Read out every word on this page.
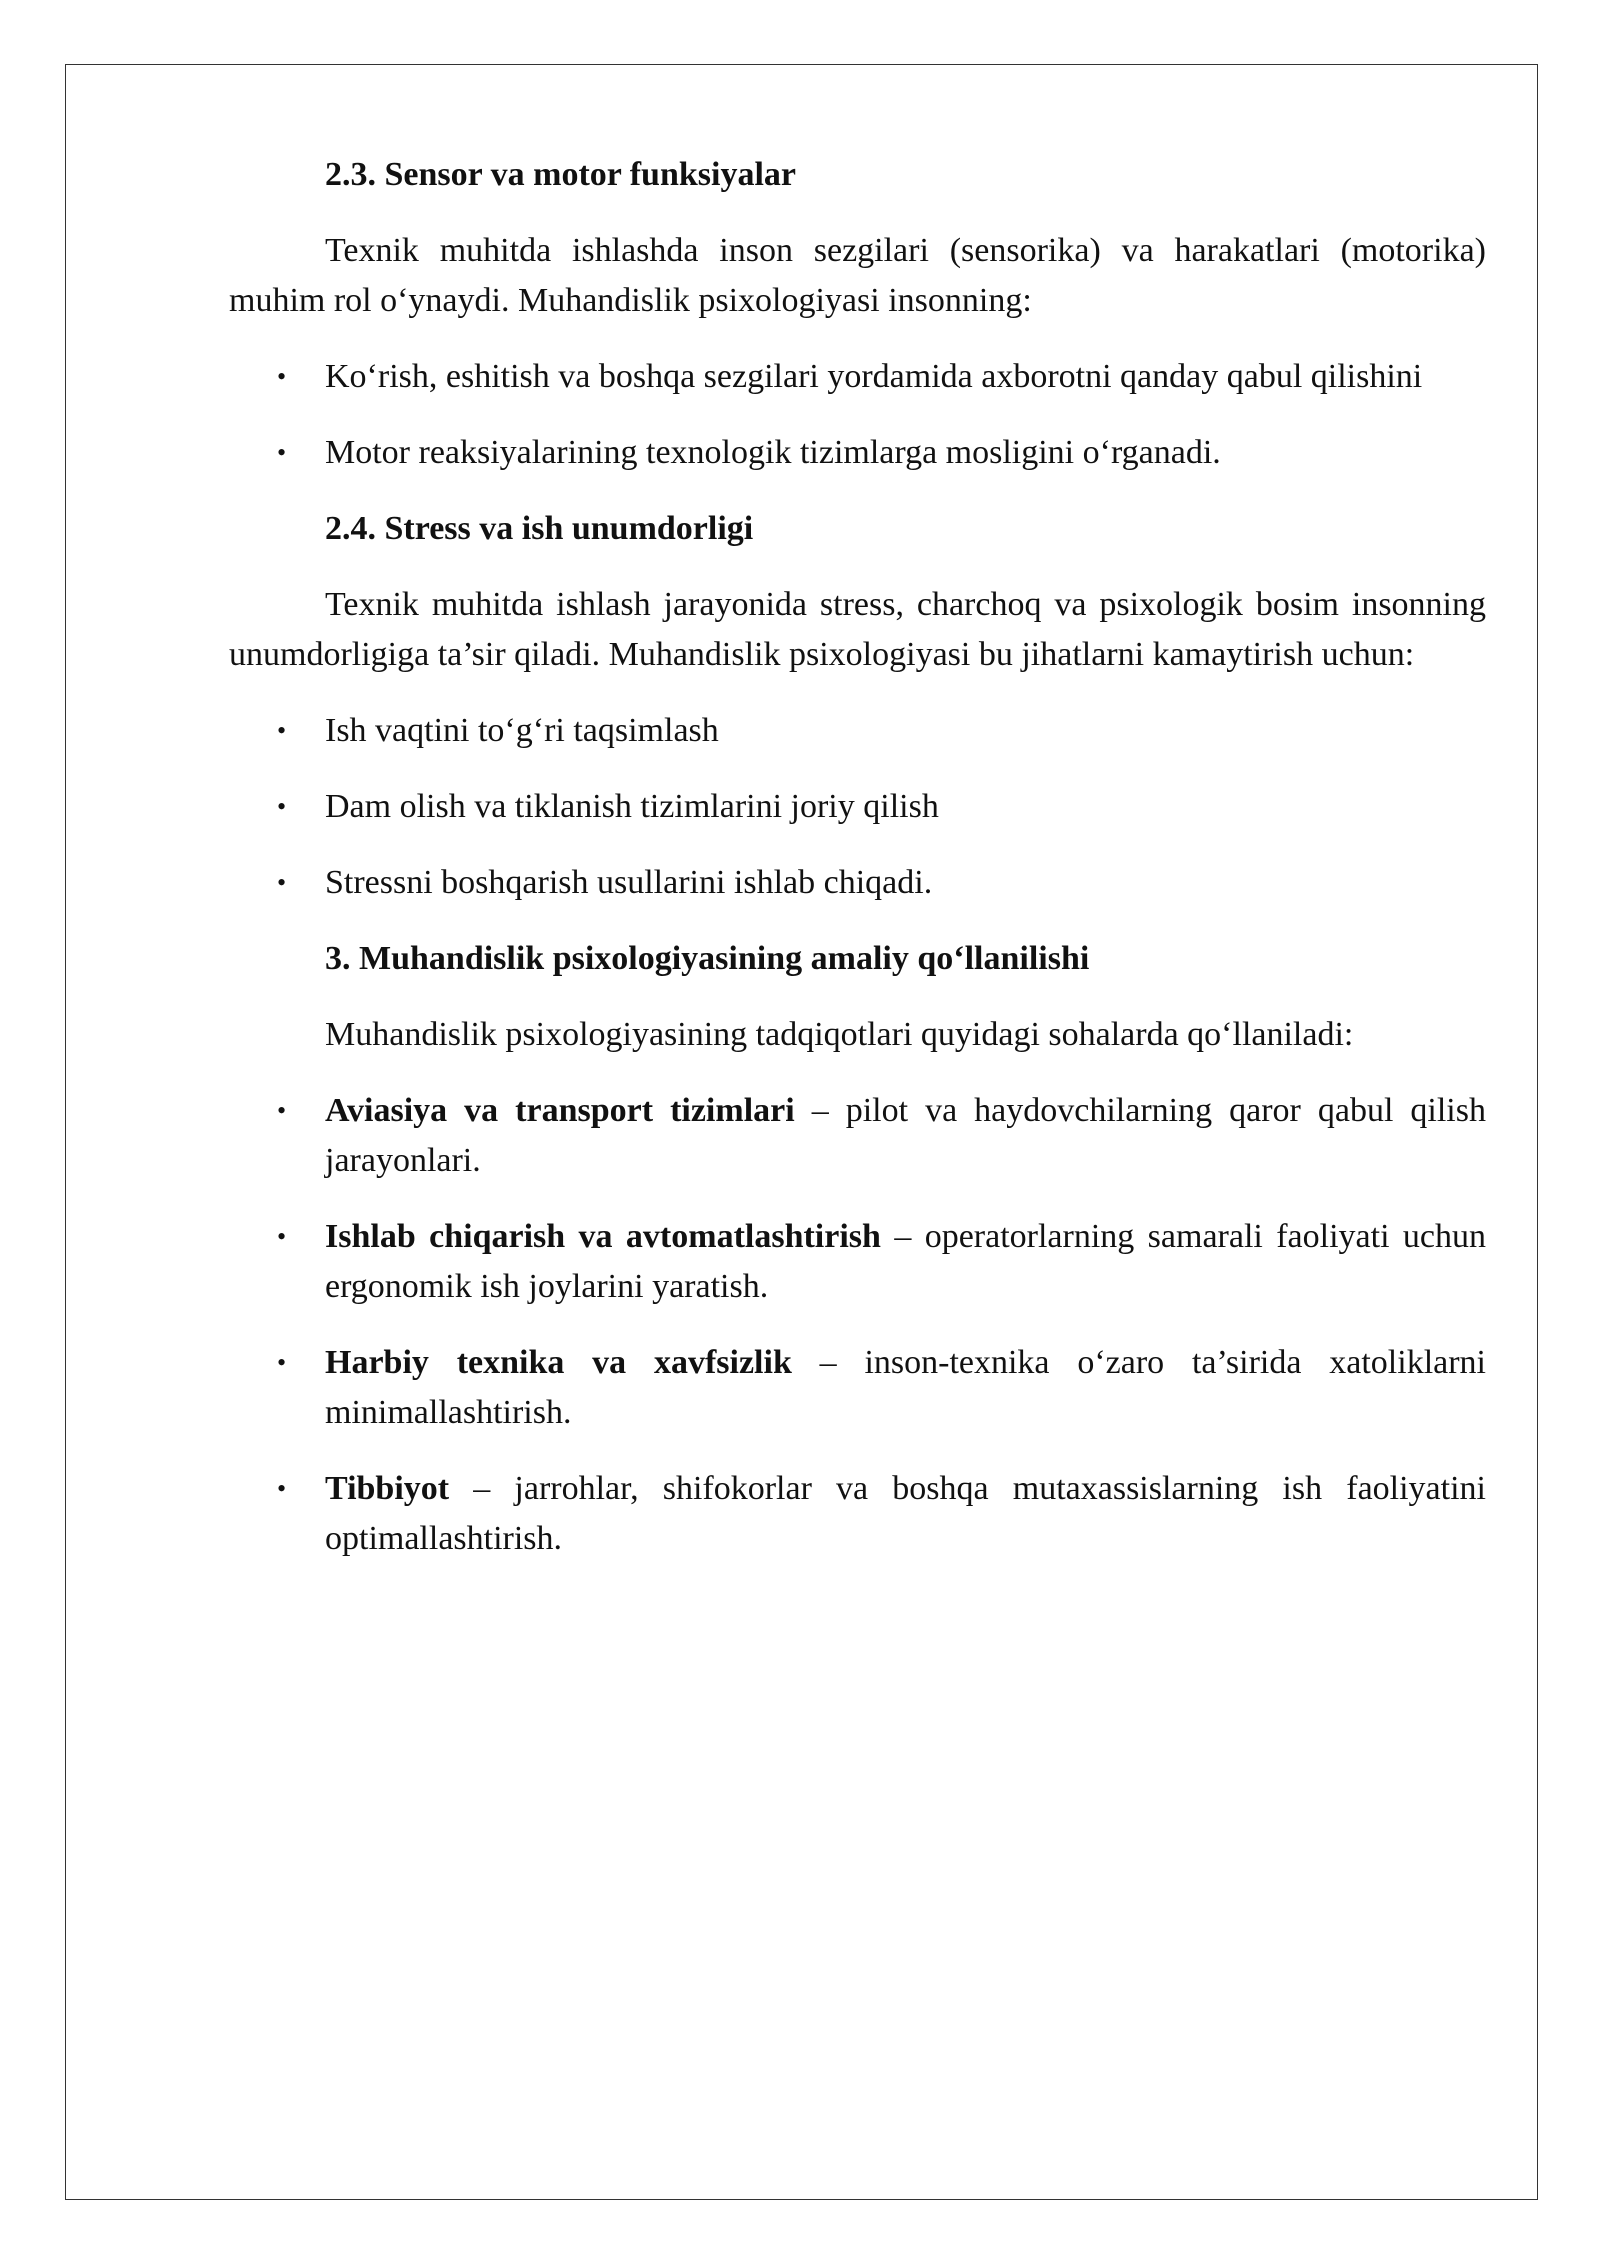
2.3. Sensor va motor funksiyalar
Texnik muhitda ishlashda inson sezgilari (sensorika) va harakatlari (motorika) muhim rol o‘ynaydi. Muhandislik psixologiyasi insonning:
• Ko‘rish, eshitish va boshqa sezgilari yordamida axborotni qanday qabul qilishini
• Motor reaksiyalarining texnologik tizimlarga mosligini o‘rganadi.
2.4. Stress va ish unumdorligi
Texnik muhitda ishlash jarayonida stress, charchoq va psixologik bosim insonning unumdorligiga ta’sir qiladi. Muhandislik psixologiyasi bu jihatlarni kamaytirish uchun:
• Ish vaqtini to‘g‘ri taqsimlash
• Dam olish va tiklanish tizimlarini joriy qilish
• Stressni boshqarish usullarini ishlab chiqadi.
3. Muhandislik psixologiyasining amaliy qo‘llanilishi
Muhandislik psixologiyasining tadqiqotlari quyidagi sohalarda qo‘llaniladi:
• Aviasiya va transport tizimlari – pilot va haydovchilarning qaror qabul qilish jarayonlari.
• Ishlab chiqarish va avtomatlashtirish – operatorlarning samarali faoliyati uchun ergonomik ish joylarini yaratish.
• Harbiy texnika va xavfsizlik – inson-texnika o‘zaro ta’sirida xatoliklarni minimallashtirish.
• Tibbiyot – jarrohlar, shifokorlar va boshqa mutaxassislarning ish faoliyatini optimallashtirish.
